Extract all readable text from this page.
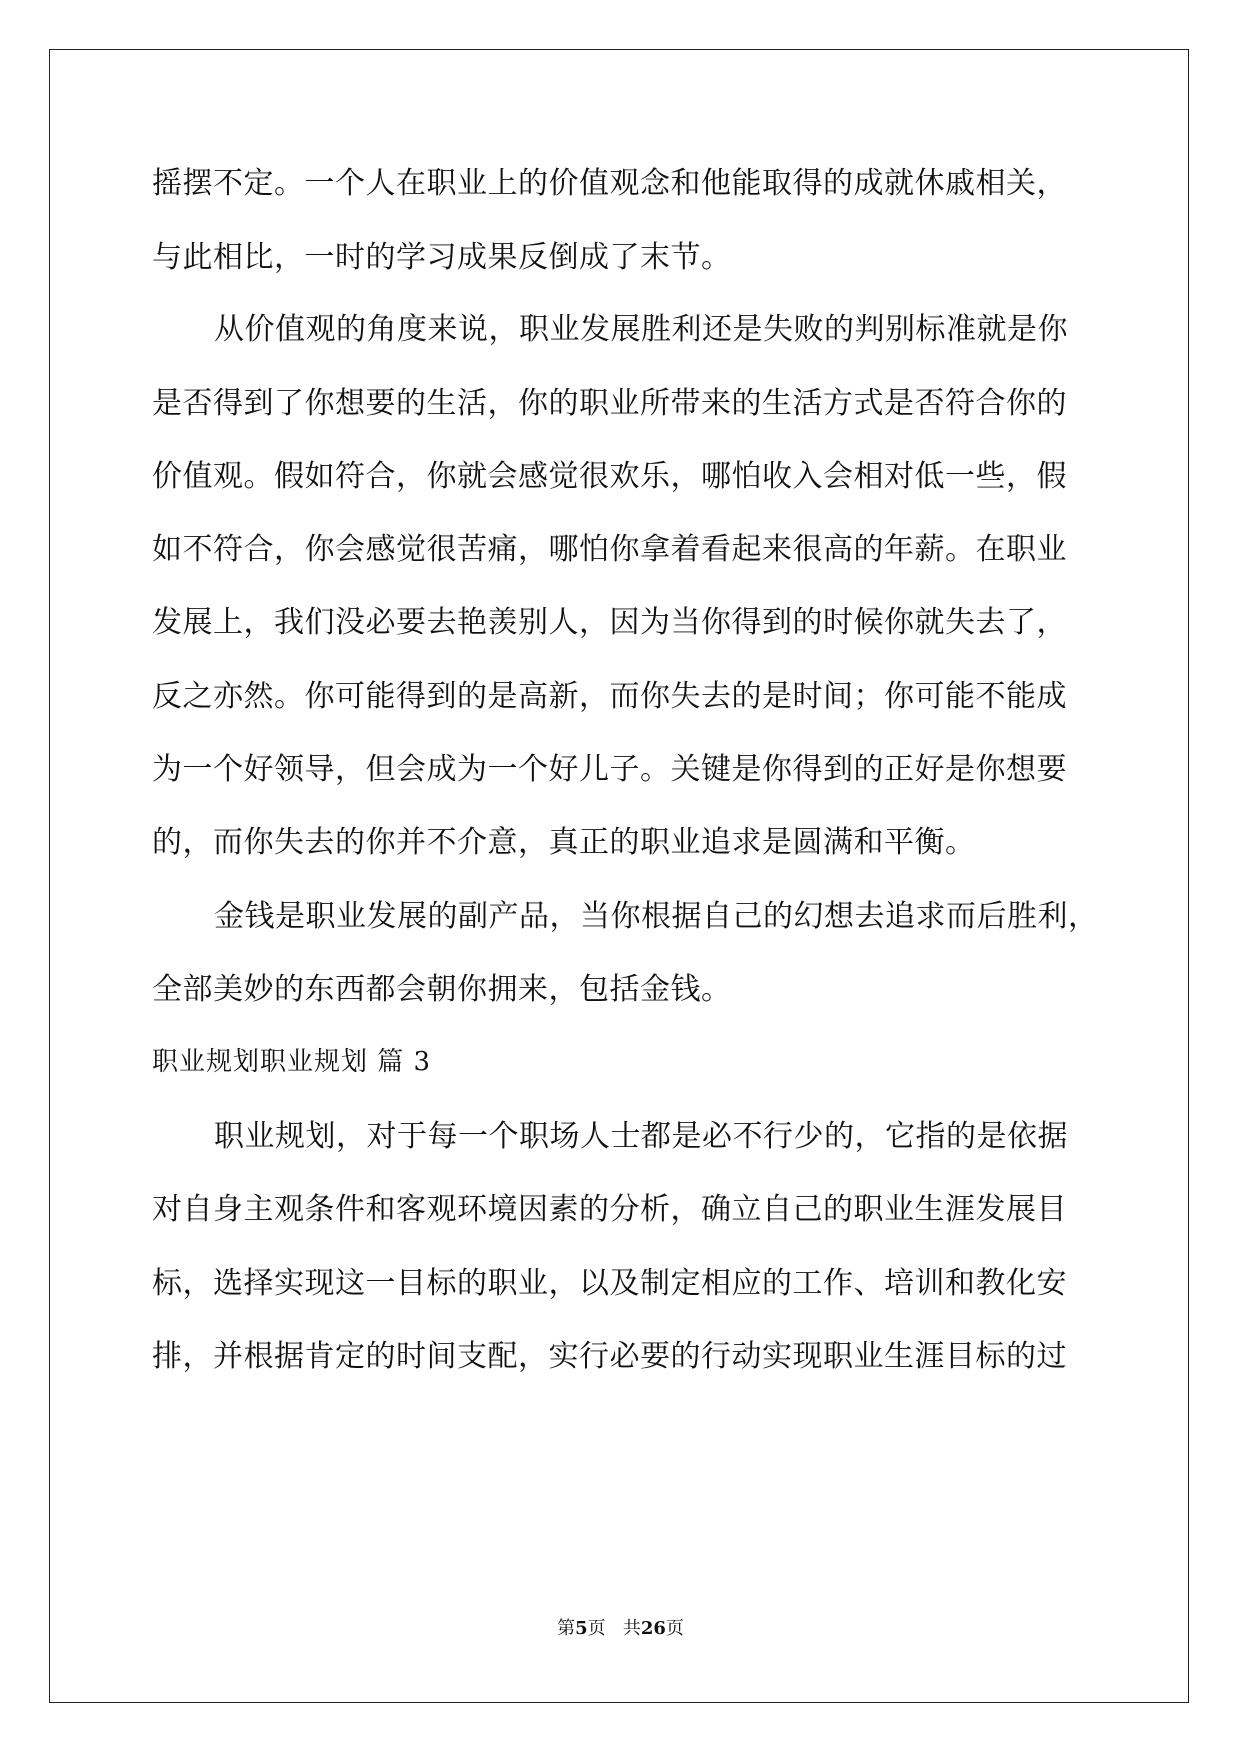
摇摆不定。一个人在职业上的价值观念和他能取得的成就休戚相关，
与此相比，一时的学习成果反倒成了末节。
从价值观的角度来说，职业发展胜利还是失败的判别标准就是你
是否得到了你想要的生活，你的职业所带来的生活方式是否符合你的
价值观。假如符合，你就会感觉很欢乐，哪怕收入会相对低一些，假
如不符合，你会感觉很苦痛，哪怕你拿着看起来很高的年薪。在职业
发展上，我们没必要去艳羡别人，因为当你得到的时候你就失去了，
反之亦然。你可能得到的是高新，而你失去的是时间；你可能不能成
为一个好领导，但会成为一个好儿子。关键是你得到的正好是你想要
的，而你失去的你并不介意，真正的职业追求是圆满和平衡。
金钱是职业发展的副产品，当你根据自己的幻想去追求而后胜利，
全部美妙的东西都会朝你拥来，包括金钱。
职业规划职业规划 篇 3
职业规划，对于每一个职场人士都是必不行少的，它指的是依据
对自身主观条件和客观环境因素的分析，确立自己的职业生涯发展目
标，选择实现这一目标的职业，以及制定相应的工作、培训和教化安
排，并根据肯定的时间支配，实行必要的行动实现职业生涯目标的过
第5页 共26页
